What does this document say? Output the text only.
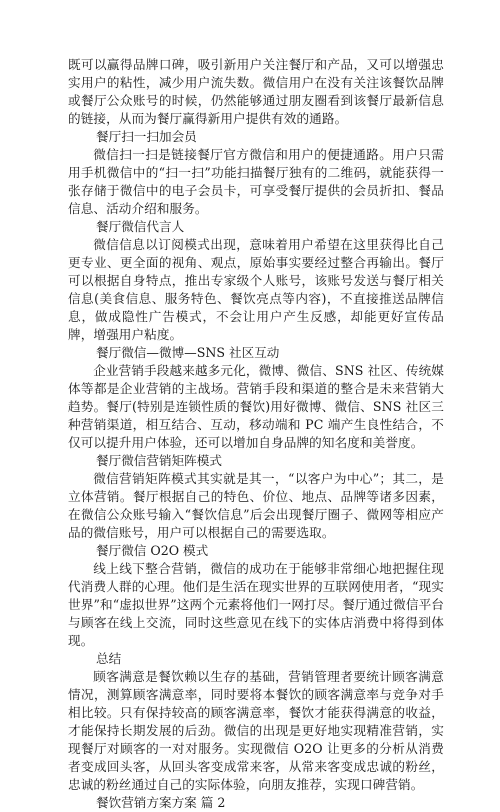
既可以赢得品牌口碑，吸引新用户关注餐厅和产品，又可以增强忠实用户的粘性，减少用户流失数。微信用户在没有关注该餐饮品牌或餐厅公众账号的时候，仍然能够通过朋友圈看到该餐厅最新信息的链接，从而为餐厅赢得新用户提供有效的通路。

餐厅扫一扫加会员

微信扫一扫是链接餐厅官方微信和用户的便捷通路。用户只需用手机微信中的“扫一扫”功能扫描餐厅独有的二维码，就能获得一张存储于微信中的电子会员卡，可享受餐厅提供的会员折扣、餐品信息、活动介绍和服务。

餐厅微信代言人

微信信息以订阅模式出现，意味着用户希望在这里获得比自己更专业、更全面的视角、观点，原始事实要经过整合再输出。餐厅可以根据自身特点，推出专家级个人账号，该账号发送与餐厅相关信息(美食信息、服务特色、餐饮亮点等内容)，不直接推送品牌信息，做成隐性广告模式，不会让用户产生反感，却能更好宣传品牌，增强用户粘度。

餐厅微信—微博—SNS 社区互动

企业营销手段越来越多元化，微博、微信、SNS 社区、传统媒体等都是企业营销的主战场。营销手段和渠道的整合是未来营销大趋势。餐厅(特别是连锁性质的餐饮)用好微博、微信、SNS 社区三种营销渠道，相互结合、互动，移动端和 PC 端产生良性结合，不仅可以提升用户体验，还可以增加自身品牌的知名度和美誉度。

餐厅微信营销矩阵模式

微信营销矩阵模式其实就是其一，“以客户为中心”；其二，是立体营销。餐厅根据自己的特色、价位、地点、品牌等诸多因素，在微信公众账号输入“餐饮信息”后会出现餐厅圈子、微网等相应产品的微信账号，用户可以根据自己的需要选取。

餐厅微信 O2O 模式

线上线下整合营销，微信的成功在于能够非常细心地把握住现代消费人群的心理。他们是生活在现实世界的互联网使用者，“现实世界”和“虚拟世界”这两个元素将他们一网打尽。餐厅通过微信平台与顾客在线上交流，同时这些意见在线下的实体店消费中将得到体现。

总结

顾客满意是餐饮赖以生存的基础，营销管理者要统计顾客满意情况，测算顾客满意率，同时要将本餐饮的顾客满意率与竞争对手相比较。只有保持较高的顾客满意率，餐饮才能获得满意的收益，才能保持长期发展的后劲。微信的出现是更好地实现精准营销，实现餐厅对顾客的一对对服务。实现微信 O2O 让更多的分析从消费者变成回头客，从回头客变成常来客，从常来客变成忠诚的粉丝，忠诚的粉丝通过自己的实际体验，向朋友推荐，实现口碑营销。

餐饮营销方案方案 篇 2
